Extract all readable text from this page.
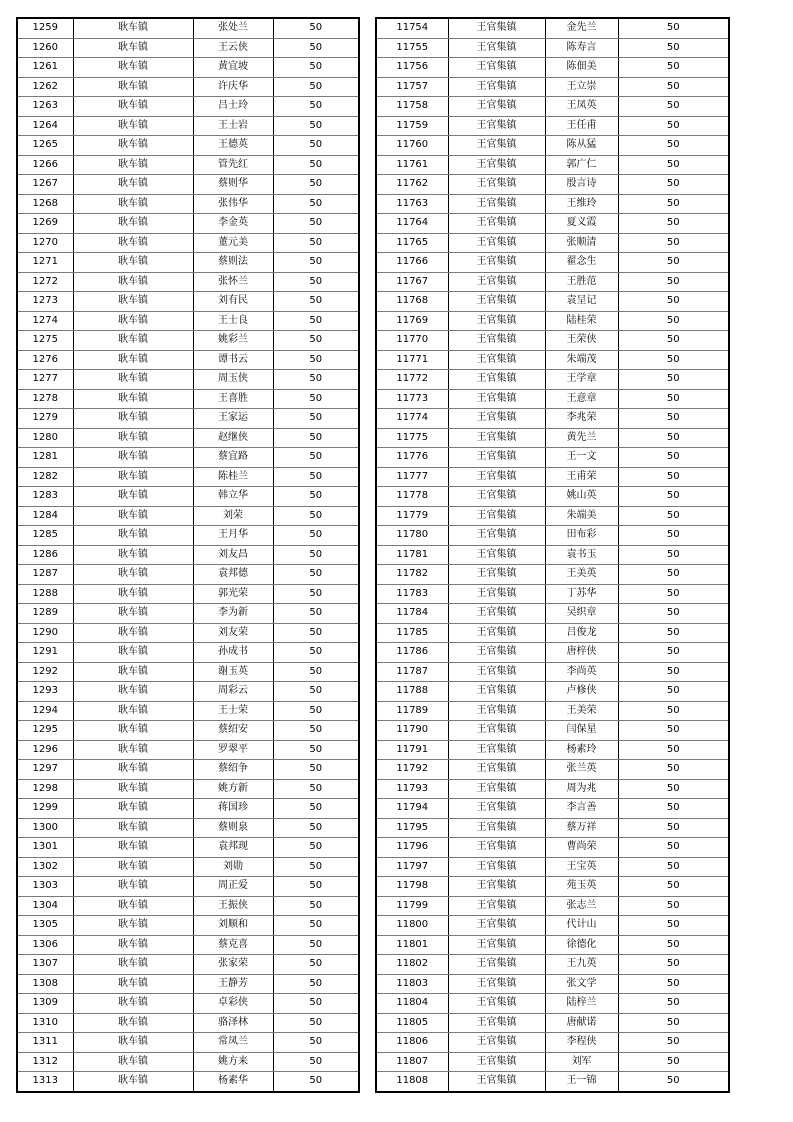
1259	耿车镇	张处兰	50
1260	耿车镇	王云侠	50
1261	耿车镇	黄宜坡	50
1262	耿车镇	许庆华	50
1263	耿车镇	吕士玲	50
1264	耿车镇	王士岩	50
1265	耿车镇	王德英	50
1266	耿车镇	管先红	50
1267	耿车镇	蔡则华	50
1268	耿车镇	张伟华	50
1269	耿车镇	李金英	50
1270	耿车镇	董元美	50
1271	耿车镇	蔡则法	50
1272	耿车镇	张怀兰	50
1273	耿车镇	刘有民	50
1274	耿车镇	王士良	50
1275	耿车镇	姚彩兰	50
1276	耿车镇	谭书云	50
1277	耿车镇	周玉侠	50
1278	耿车镇	王喜胜	50
1279	耿车镇	王家运	50
1280	耿车镇	赵继侠	50
1281	耿车镇	蔡宜路	50
1282	耿车镇	陈桂兰	50
1283	耿车镇	韩立华	50
1284	耿车镇	刘荣	50
1285	耿车镇	王月华	50
1286	耿车镇	刘友昌	50
1287	耿车镇	袁邦德	50
1288	耿车镇	郭光荣	50
1289	耿车镇	李为新	50
1290	耿车镇	刘友荣	50
1291	耿车镇	孙成书	50
1292	耿车镇	谢玉英	50
1293	耿车镇	周彩云	50
1294	耿车镇	王士荣	50
1295	耿车镇	蔡绍安	50
1296	耿车镇	罗翠平	50
1297	耿车镇	蔡绍争	50
1298	耿车镇	姚方新	50
1299	耿车镇	蒋国珍	50
1300	耿车镇	蔡则泉	50
1301	耿车镇	袁邦现	50
1302	耿车镇	刘勋	50
1303	耿车镇	周正爱	50
1304	耿车镇	王振侠	50
1305	耿车镇	刘顺和	50
1306	耿车镇	蔡克喜	50
1307	耿车镇	张家荣	50
1308	耿车镇	王静芳	50
1309	耿车镇	卓彩侠	50
1310	耿车镇	骆泽林	50
1311	耿车镇	常凤兰	50
1312	耿车镇	姚方来	50
1313	耿车镇	杨素华	50
11754	王官集镇	金先兰	50
11755	王官集镇	陈寿言	50
11756	王官集镇	陈佃美	50
11757	王官集镇	王立崇	50
11758	王官集镇	王凤英	50
11759	王官集镇	王任甫	50
11760	王官集镇	陈从猛	50
11761	王官集镇	郭广仁	50
11762	王官集镇	殷言诗	50
11763	王官集镇	王维玲	50
11764	王官集镇	夏义霞	50
11765	王官集镇	张顺清	50
11766	王官集镇	翟念生	50
11767	王官集镇	王胜范	50
11768	王官集镇	袁呈记	50
11769	王官集镇	陆桂荣	50
11770	王官集镇	王荣侠	50
11771	王官集镇	朱端茂	50
11772	王官集镇	王学章	50
11773	王官集镇	王意章	50
11774	王官集镇	李兆荣	50
11775	王官集镇	黄先兰	50
11776	王官集镇	王一文	50
11777	王官集镇	王甫荣	50
11778	王官集镇	姚山英	50
11779	王官集镇	朱端美	50
11780	王官集镇	田布彩	50
11781	王官集镇	袁书玉	50
11782	王官集镇	王美英	50
11783	王官集镇	丁苏华	50
11784	王官集镇	吴织章	50
11785	王官集镇	吕俊龙	50
11786	王官集镇	唐梓侠	50
11787	王官集镇	李尚英	50
11788	王官集镇	卢修侠	50
11789	王官集镇	王美荣	50
11790	王官集镇	闫保星	50
11791	王官集镇	杨素玲	50
11792	王官集镇	张兰英	50
11793	王官集镇	周为兆	50
11794	王官集镇	李言善	50
11795	王官集镇	蔡万祥	50
11796	王官集镇	曹尚荣	50
11797	王官集镇	王宝英	50
11798	王官集镇	苑玉英	50
11799	王官集镇	张志兰	50
11800	王官集镇	代计山	50
11801	王官集镇	徐德化	50
11802	王官集镇	王九英	50
11803	王官集镇	张文学	50
11804	王官集镇	陆梓兰	50
11805	王官集镇	唐献诺	50
11806	王官集镇	李程侠	50
11807	王官集镇	刘军	50
11808	王官集镇	王一锦	50
